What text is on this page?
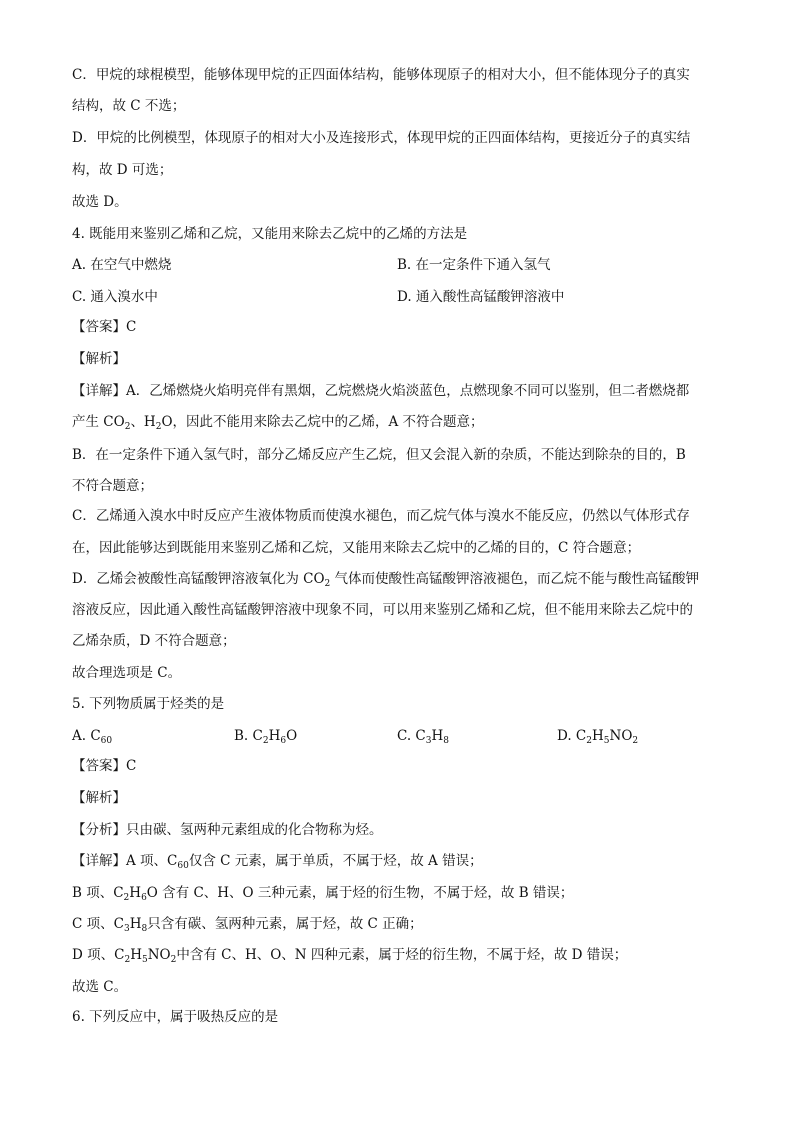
C．甲烷的球棍模型，能够体现甲烷的正四面体结构，能够体现原子的相对大小，但不能体现分子的真实
结构，故 C 不选；
D．甲烷的比例模型，体现原子的相对大小及连接形式，体现甲烷的正四面体结构，更接近分子的真实结
构，故 D 可选；
故选 D。
4. 既能用来鉴别乙烯和乙烷，又能用来除去乙烷中的乙烯的方法是
A. 在空气中燃烧	B. 在一定条件下通入氢气
C. 通入溴水中	D. 通入酸性高锰酸钾溶液中
【答案】C
【解析】
【详解】A．乙烯燃烧火焰明亮伴有黑烟，乙烷燃烧火焰淡蓝色，点燃现象不同可以鉴别，但二者燃烧都
产生 $CO_2$、$H_2O$，因此不能用来除去乙烷中的乙烯，A 不符合题意；
B．在一定条件下通入氢气时，部分乙烯反应产生乙烷，但又会混入新的杂质，不能达到除杂的目的，B
不符合题意；
C．乙烯通入溴水中时反应产生液体物质而使溴水褪色，而乙烷气体与溴水不能反应，仍然以气体形式存
在，因此能够达到既能用来鉴别乙烯和乙烷，又能用来除去乙烷中的乙烯的目的，C 符合题意；
D．乙烯会被酸性高锰酸钾溶液氧化为 $CO_2$ 气体而使酸性高锰酸钾溶液褪色，而乙烷不能与酸性高锰酸钾
溶液反应，因此通入酸性高锰酸钾溶液中现象不同，可以用来鉴别乙烯和乙烷，但不能用来除去乙烷中的
乙烯杂质，D 不符合题意；
故合理选项是 C。
5. 下列物质属于烃类的是
A. $C_{60}$	B. $C_2H_6O$	C. $C_3H_8$	D. $C_2H_5NO_2$
【答案】C
【解析】
【分析】只由碳、氢两种元素组成的化合物称为烃。
【详解】A 项、$C_{60}$仅含 C 元素，属于单质，不属于烃，故 A 错误；
B 项、$C_2H_6O$ 含有 C、H、O 三种元素，属于烃的衍生物，不属于烃，故 B 错误；
C 项、$C_3H_8$只含有碳、氢两种元素，属于烃，故 C 正确；
D 项、$C_2H_5NO_2$中含有 C、H、O、N 四种元素，属于烃的衍生物，不属于烃，故 D 错误；
故选 C。
6. 下列反应中，属于吸热反应的是
